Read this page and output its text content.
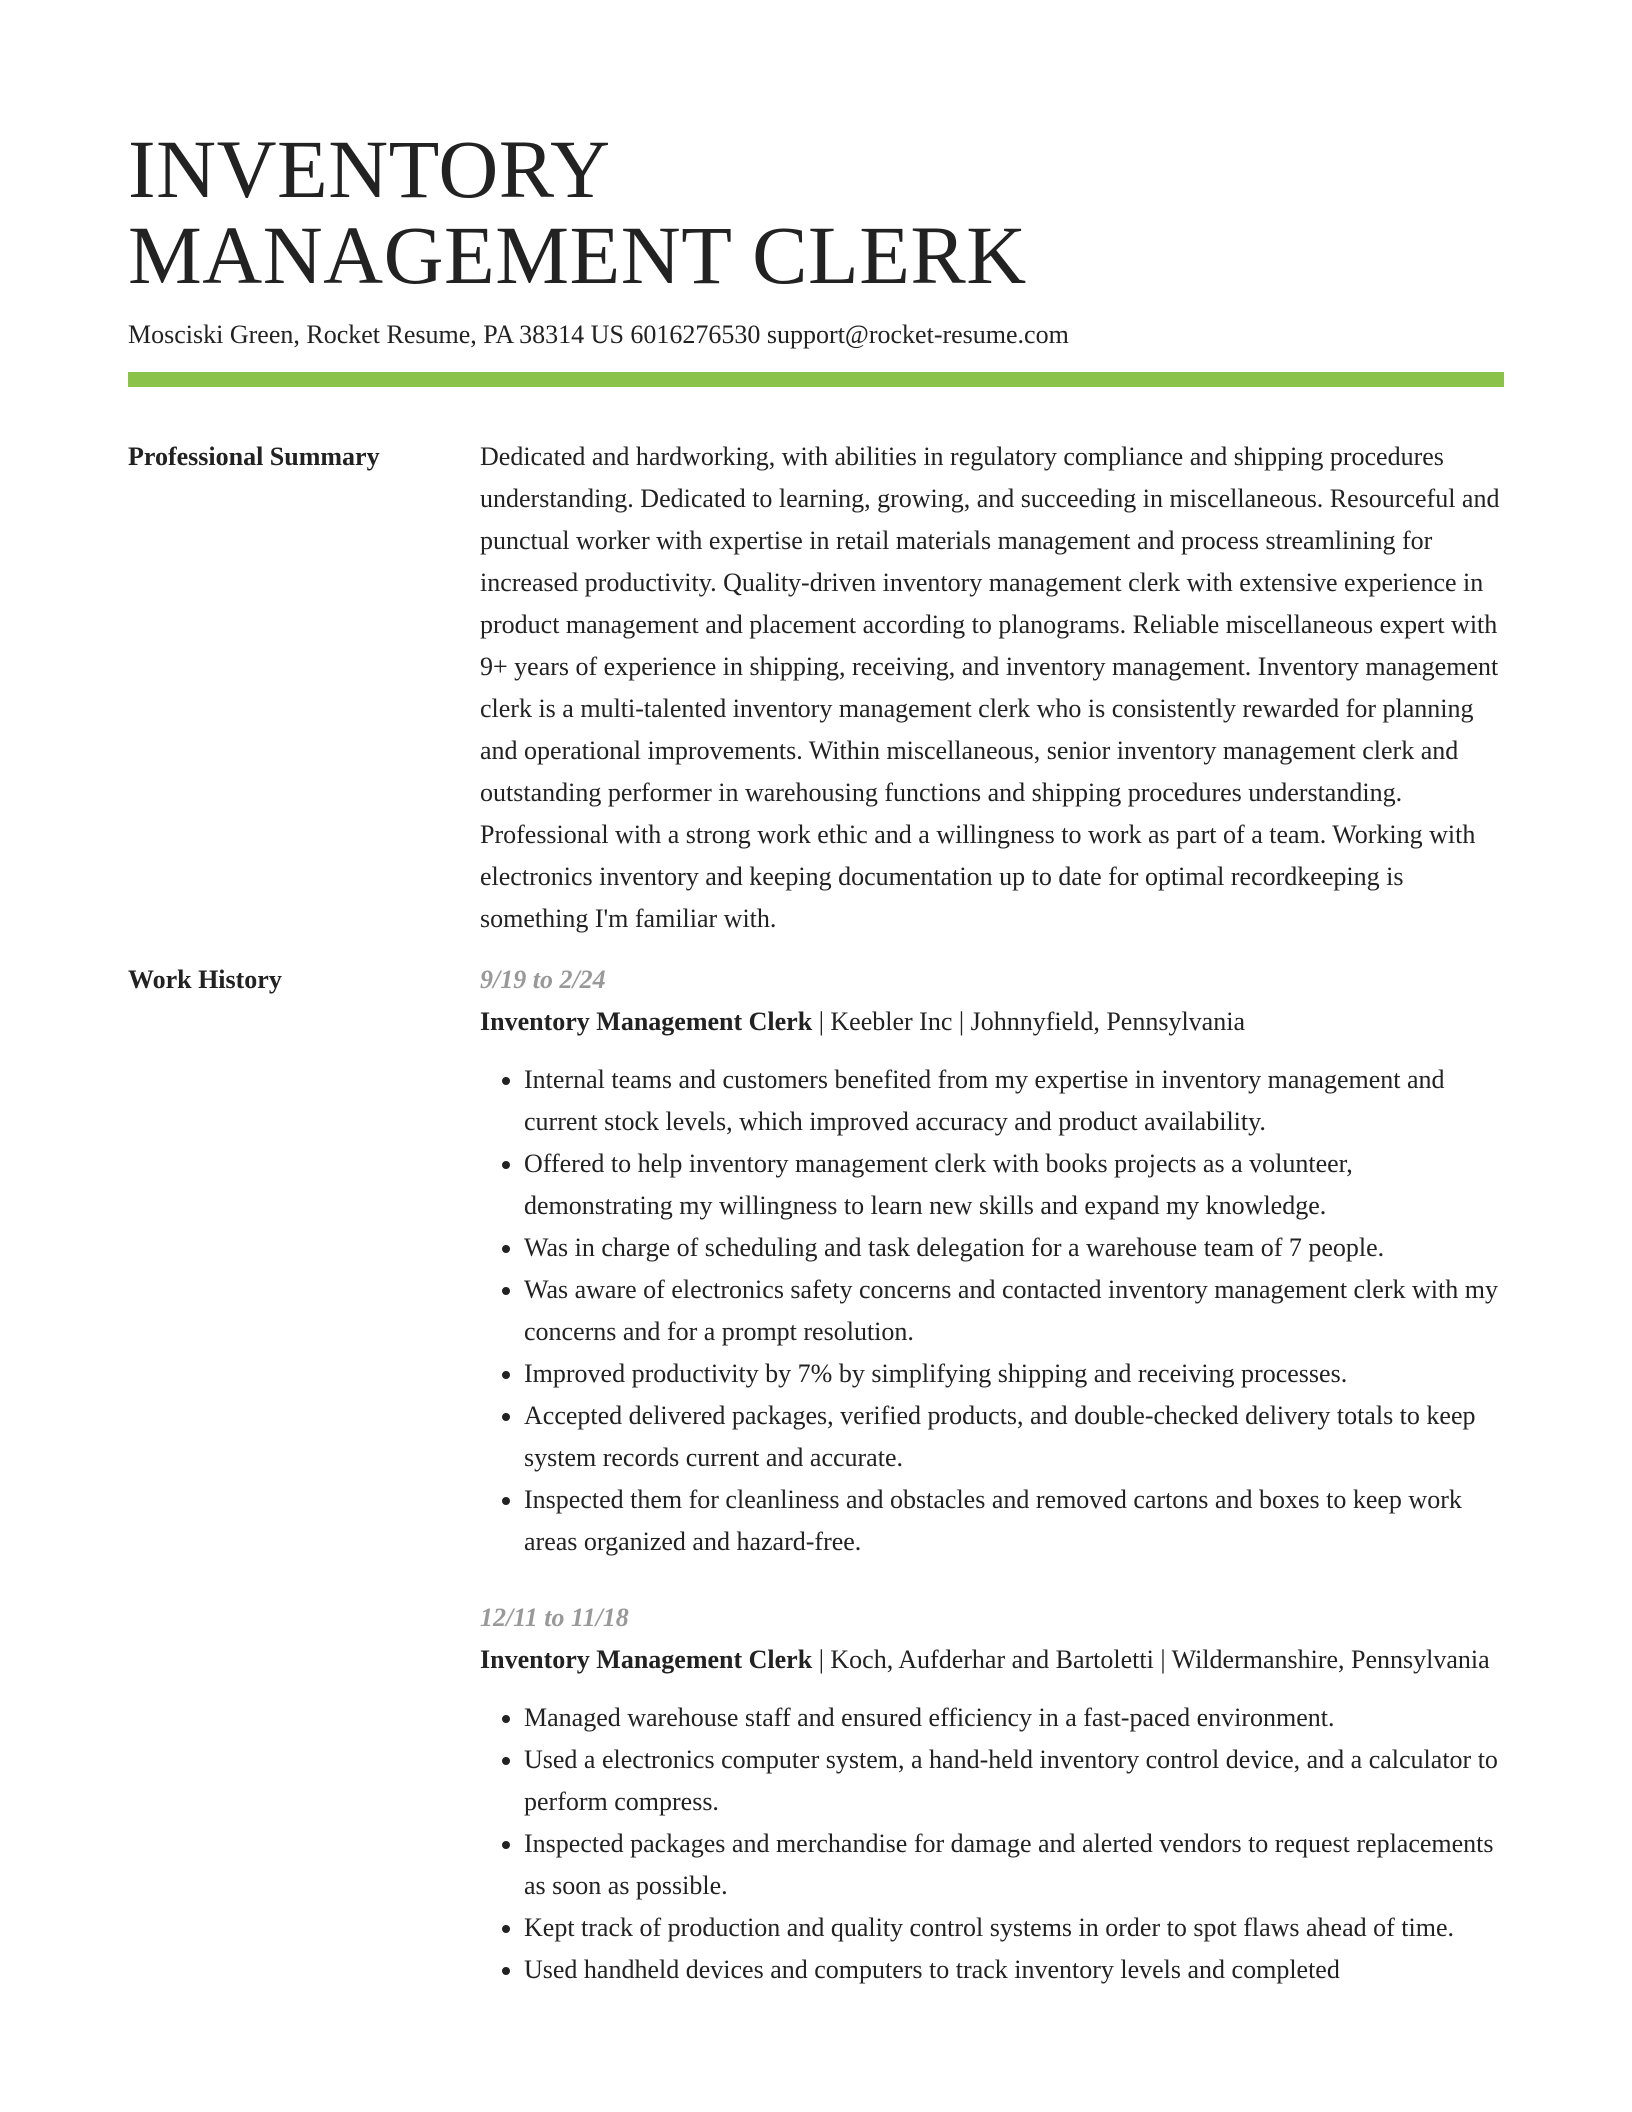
INVENTORY
MANAGEMENT CLERK
Mosciski Green, Rocket Resume, PA 38314 US 6016276530 support@rocket-resume.com
Professional Summary	Dedicated and hardworking, with abilities in regulatory compliance and shipping procedures understanding. Dedicated to learning, growing, and succeeding in miscellaneous. Resourceful and punctual worker with expertise in retail materials management and process streamlining for increased productivity. Quality-driven inventory management clerk with extensive experience in product management and placement according to planograms. Reliable miscellaneous expert with 9+ years of experience in shipping, receiving, and inventory management. Inventory management clerk is a multi-talented inventory management clerk who is consistently rewarded for planning and operational improvements. Within miscellaneous, senior inventory management clerk and outstanding performer in warehousing functions and shipping procedures understanding. Professional with a strong work ethic and a willingness to work as part of a team. Working with electronics inventory and keeping documentation up to date for optimal recordkeeping is something I'm familiar with.

Work History	9/19 to 2/24

Inventory Management Clerk | Keebler Inc | Johnnyfield, Pennsylvania

• Internal teams and customers benefited from my expertise in inventory management and current stock levels, which improved accuracy and product availability.
• Offered to help inventory management clerk with books projects as a volunteer, demonstrating my willingness to learn new skills and expand my knowledge.
• Was in charge of scheduling and task delegation for a warehouse team of 7 people.
• Was aware of electronics safety concerns and contacted inventory management clerk with my concerns and for a prompt resolution.
• Improved productivity by 7% by simplifying shipping and receiving processes.
• Accepted delivered packages, verified products, and double-checked delivery totals to keep system records current and accurate.
• Inspected them for cleanliness and obstacles and removed cartons and boxes to keep work areas organized and hazard-free.
12/11 to 11/18

Inventory Management Clerk | Koch, Aufderhar and Bartoletti | Wildermanshire, Pennsylvania

• Managed warehouse staff and ensured efficiency in a fast-paced environment.
• Used a electronics computer system, a hand-held inventory control device, and a calculator to perform compress.
• Inspected packages and merchandise for damage and alerted vendors to request replacements as soon as possible.
• Kept track of production and quality control systems in order to spot flaws ahead of time.
• Used handheld devices and computers to track inventory levels and completed
